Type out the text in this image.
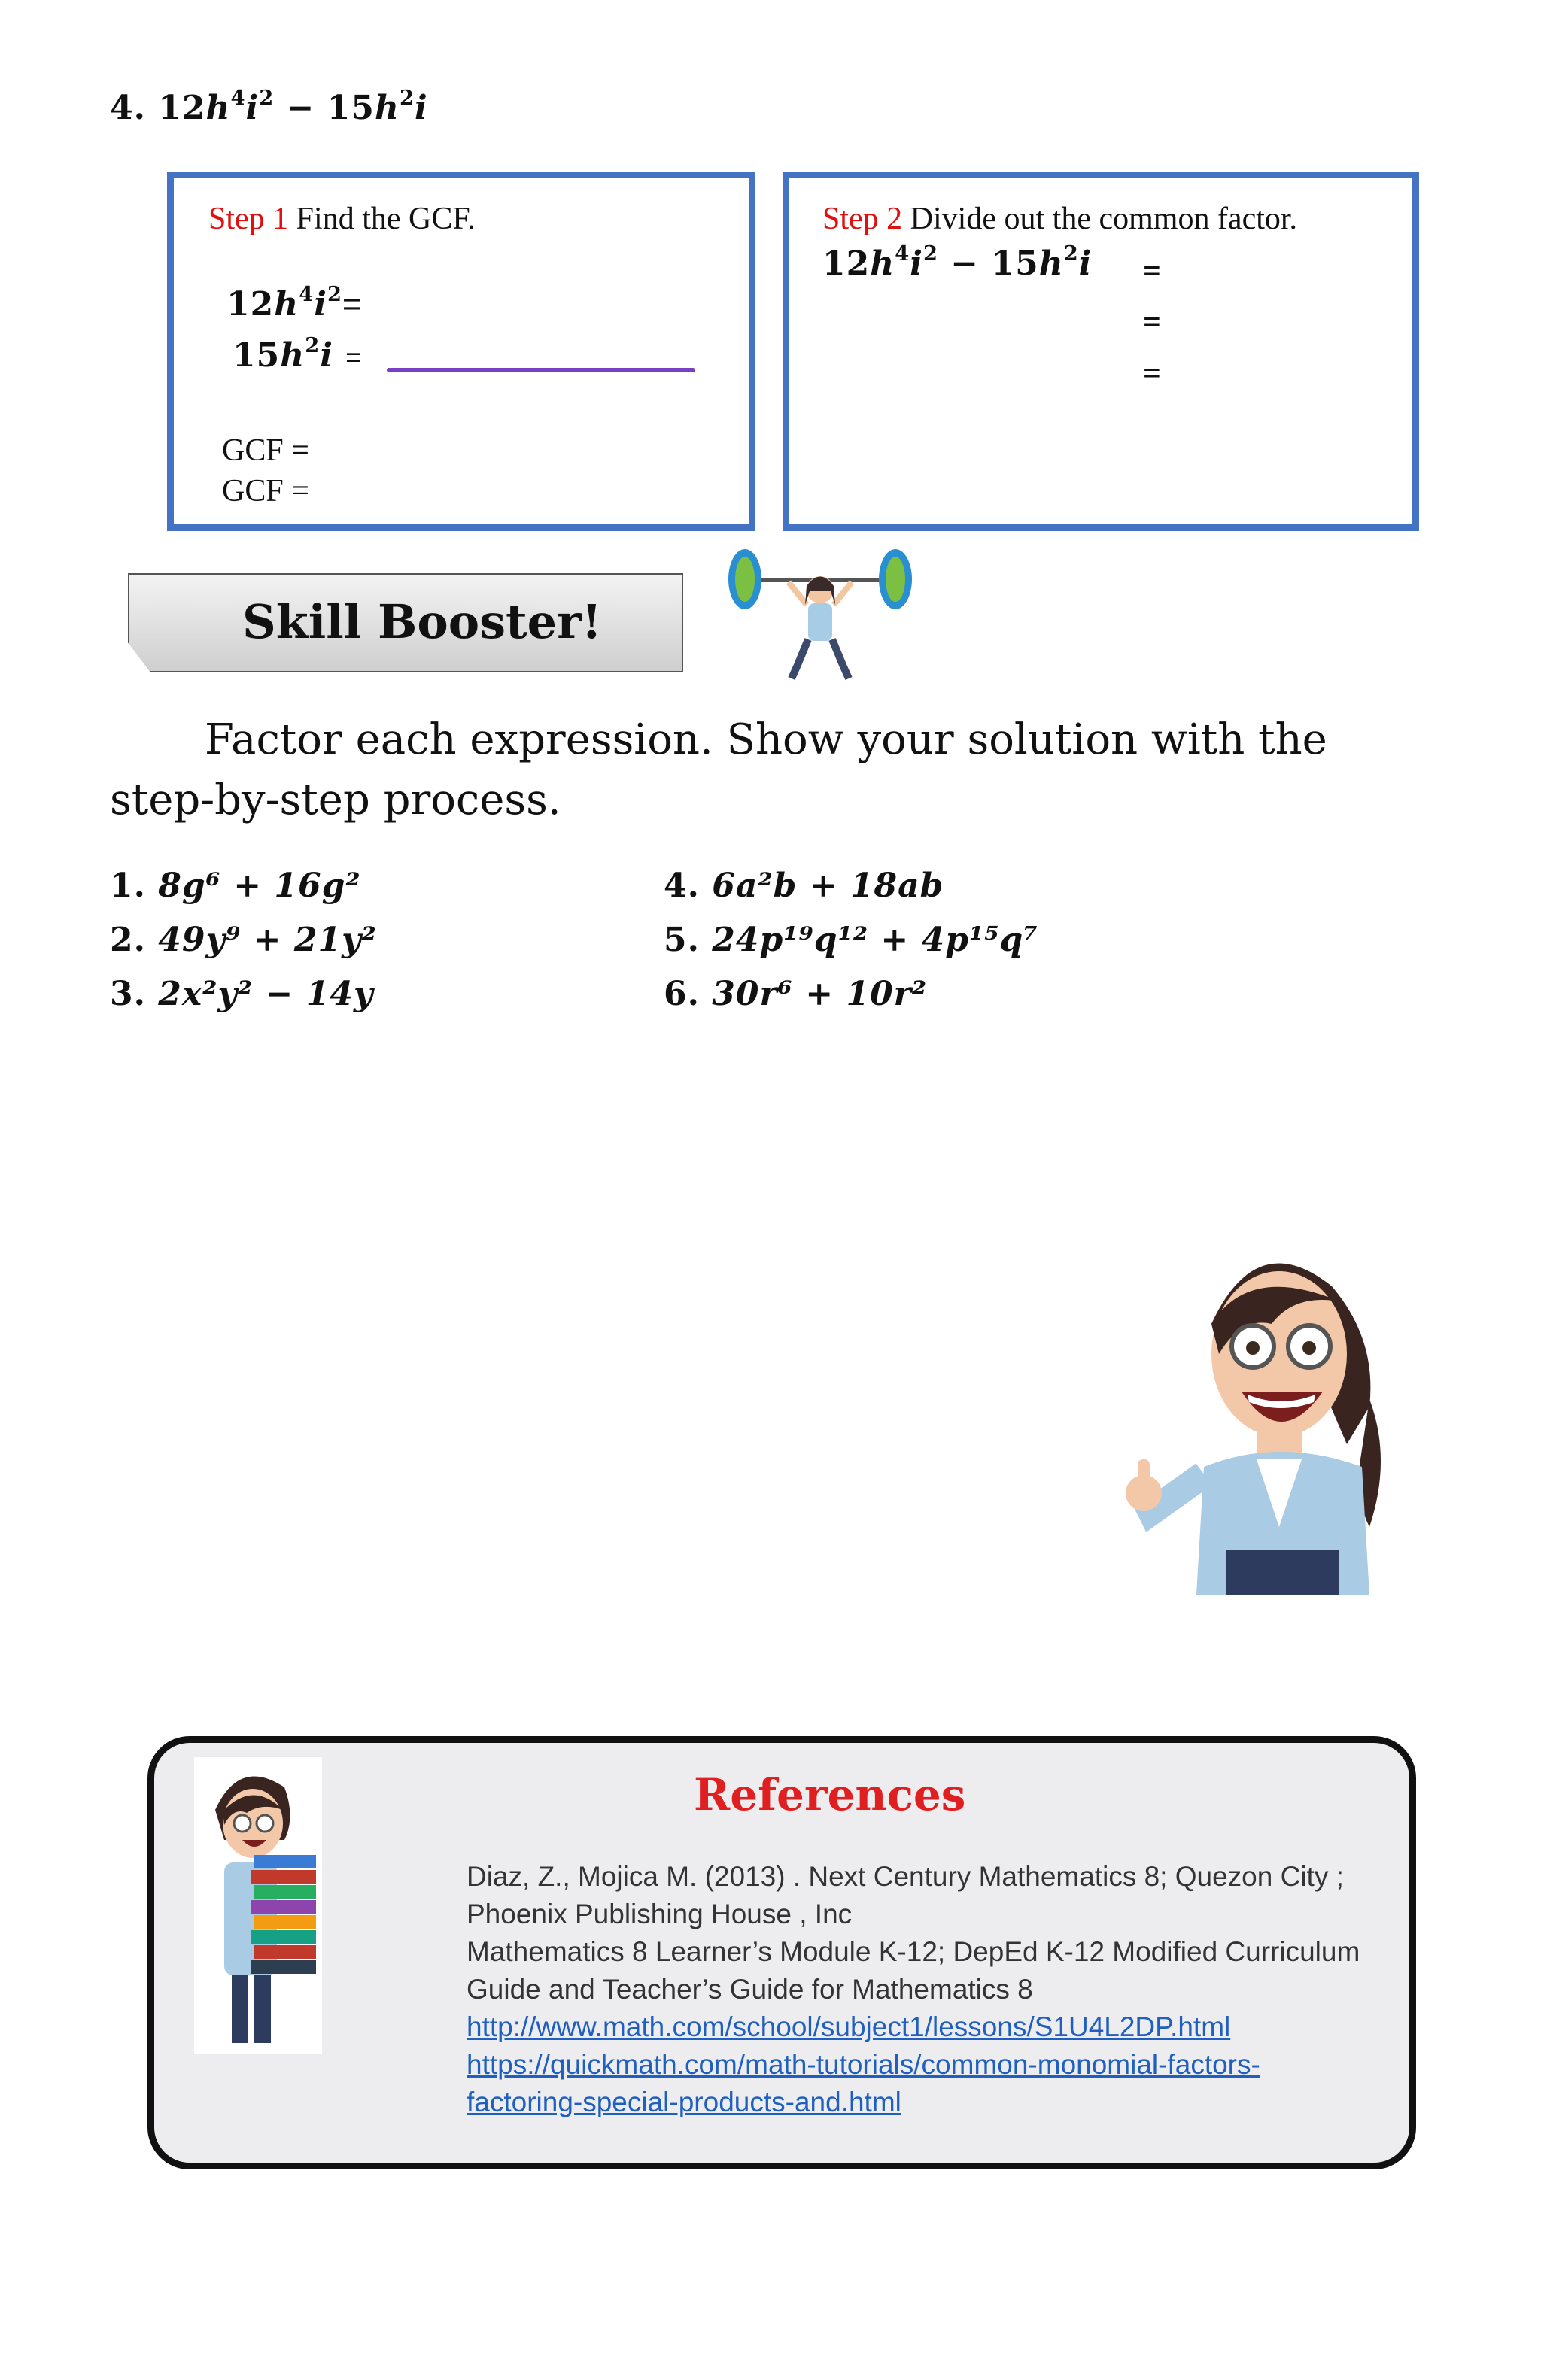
4. $12h^4i^2 - 15h^2i$
Step 1 Find the GCF.
$12h^4i^2=$
$15h^2i$ =
GCF =
GCF =
Step 2 Divide out the common factor.
$12h^4i^2 - 15h^2i$ =
=
=
Skill Booster!
Factor each expression. Show your solution with the step-by-step process.
1. 8g⁶ + 16g²
2. 49y⁹ + 21y²
3. 2x²y² − 14y
4. 6a²b + 18ab
5. 24p¹⁹q¹² + 4p¹⁵q⁷
6. 30r⁶ + 10r²
References
Diaz, Z., Mojica M. (2013) . Next Century Mathematics 8; Quezon City ;
Phoenix Publishing House , Inc
Mathematics 8 Learner’s Module K-12; DepEd K-12 Modified Curriculum
Guide and Teacher’s Guide for Mathematics 8
http://www.math.com/school/subject1/lessons/S1U4L2DP.html
https://quickmath.com/math-tutorials/common-monomial-factors-
factoring-special-products-and.html
